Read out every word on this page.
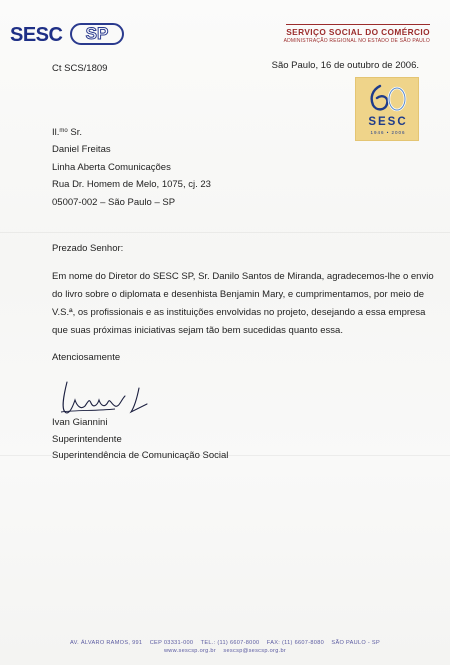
SESC	SP	SERVIÇO SOCIAL DO COMÉRCIO
ADMINISTRAÇÃO REGIONAL NO ESTADO DE SÃO PAULO
Ct SCS/1809	São Paulo, 16 de outubro de 2006.
SESC
1946 • 2006
Il.$^{mo}$ Sr.
Daniel Freitas
Linha Aberta Comunicações
Rua Dr. Homem de Melo, 1075, cj. 23
05007-002 – São Paulo – SP
Prezado Senhor:
Em nome do Diretor do SESC SP, Sr. Danilo Santos de Miranda, agradecemos-lhe o envio do livro sobre o diplomata e desenhista Benjamin Mary, e cumprimentamos, por meio de V.S.ª, os profissionais e as instituições envolvidas no projeto, desejando a essa empresa que suas próximas iniciativas sejam tão bem sucedidas quanto essa.
Atenciosamente
Ivan Giannini
Superintendente
Superintendência de Comunicação Social
AV. ÁLVARO RAMOS, 991    CEP 03331-000    TEL.: (11) 6607-8000    FAX: (11) 6607-8080    SÃO PAULO - SP
www.sescsp.org.br    sescsp@sescsp.org.br
